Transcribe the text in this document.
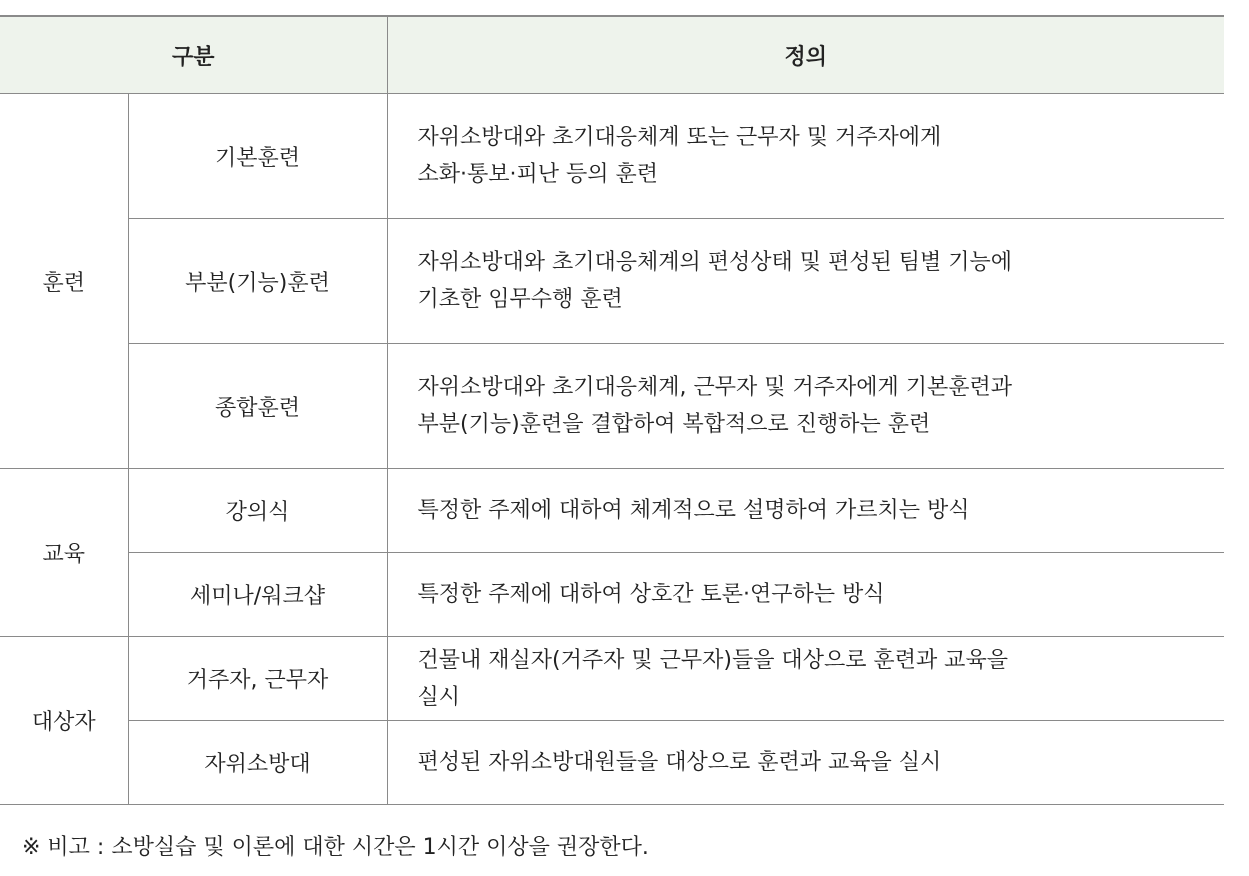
구분		정의
훈련	기본훈련	자위소방대와 초기대응체계 또는 근무자 및 거주자에게
소화·통보·피난 등의 훈련
	부분(기능)훈련	자위소방대와 초기대응체계의 편성상태 및 편성된 팀별 기능에
기초한 임무수행 훈련
	종합훈련	자위소방대와 초기대응체계, 근무자 및 거주자에게 기본훈련과
부분(기능)훈련을 결합하여 복합적으로 진행하는 훈련
교육	강의식	특정한 주제에 대하여 체계적으로 설명하여 가르치는 방식
	세미나/워크샵	특정한 주제에 대하여 상호간 토론·연구하는 방식
대상자	거주자, 근무자	건물내 재실자(거주자 및 근무자)들을 대상으로 훈련과 교육을
실시
	자위소방대	편성된 자위소방대원들을 대상으로 훈련과 교육을 실시
※ 비고 : 소방실습 및 이론에 대한 시간은 1시간 이상을 권장한다.
